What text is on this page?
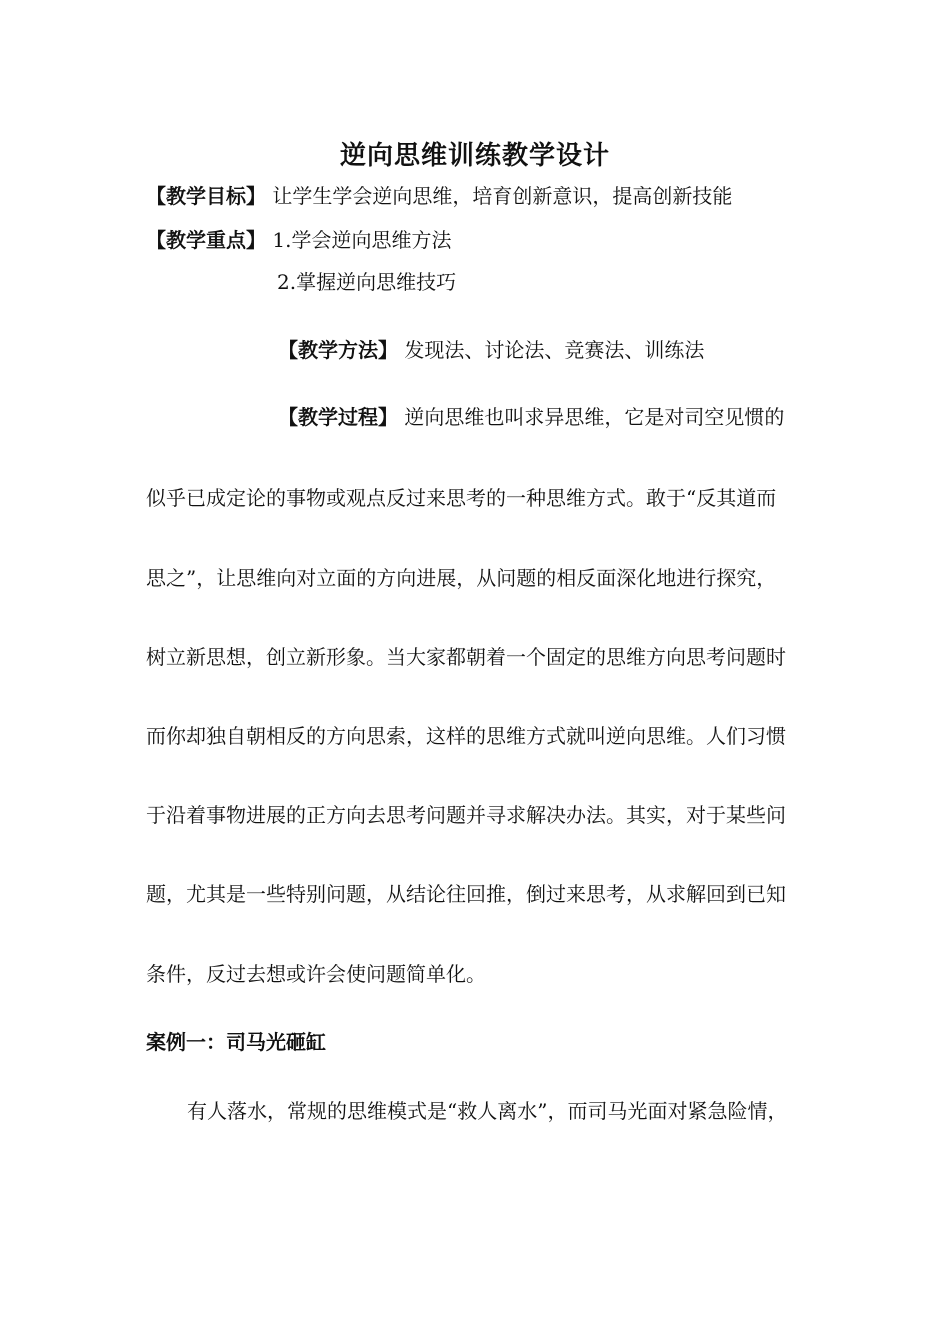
逆向思维训练教学设计
【教学目标】 让学生学会逆向思维，培育创新意识，提高创新技能
【教学重点】 1.学会逆向思维方法
2.掌握逆向思维技巧
【教学方法】 发现法、讨论法、竞赛法、训练法
【教学过程】 逆向思维也叫求异思维，它是对司空见惯的
似乎已成定论的事物或观点反过来思考的一种思维方式。敢于“反其道而
思之”，让思维向对立面的方向进展，从问题的相反面深化地进行探究，
树立新思想，创立新形象。当大家都朝着一个固定的思维方向思考问题时
而你却独自朝相反的方向思索，这样的思维方式就叫逆向思维。人们习惯
于沿着事物进展的正方向去思考问题并寻求解决办法。其实，对于某些问
题，尤其是一些特别问题，从结论往回推，倒过来思考，从求解回到已知
条件，反过去想或许会使问题简单化。
案例一：司马光砸缸
有人落水，常规的思维模式是“救人离水”，而司马光面对紧急险情，
